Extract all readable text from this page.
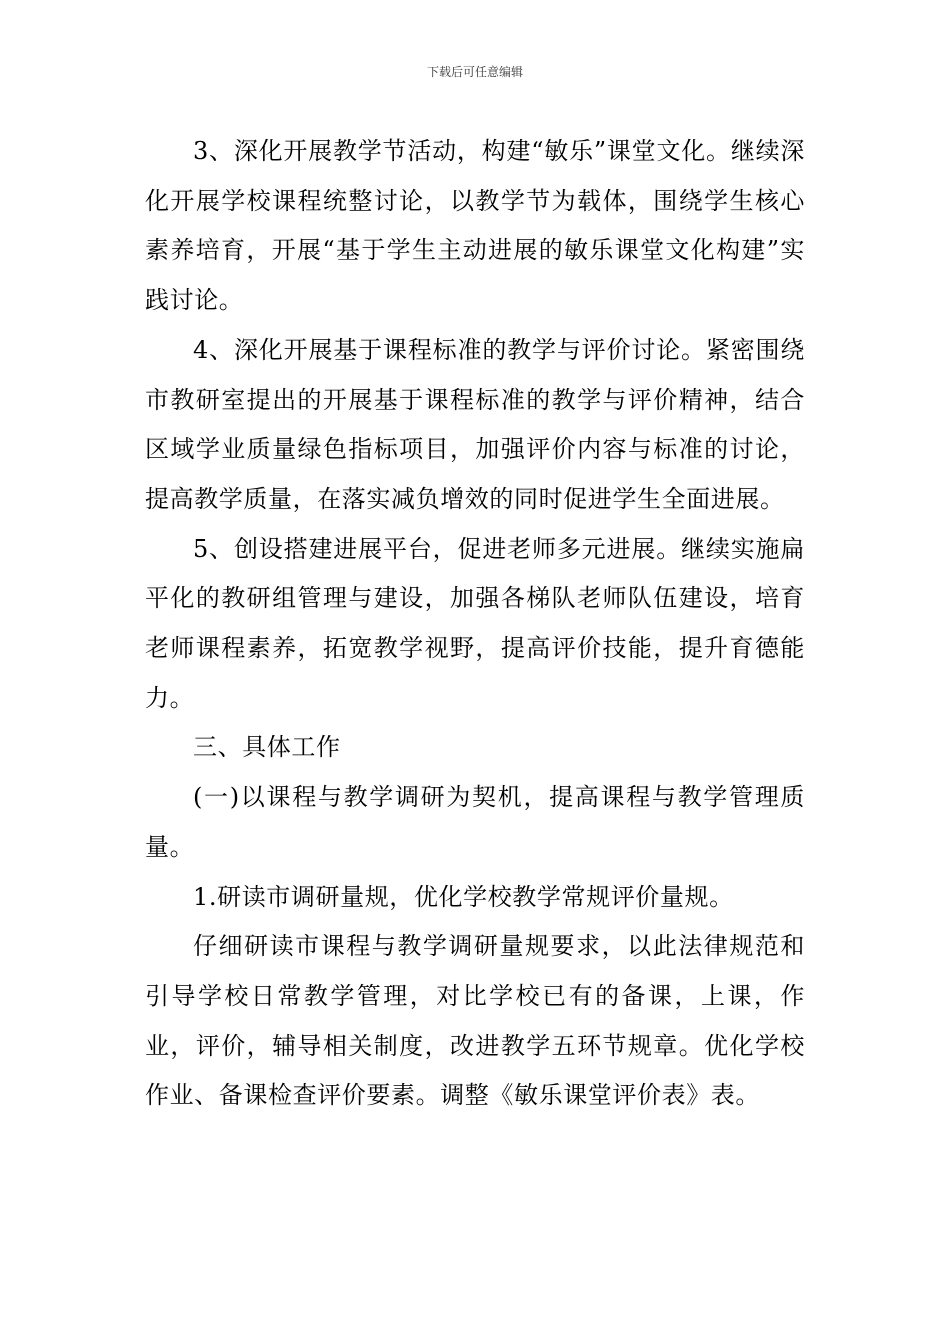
下载后可任意编辑

3、深化开展教学节活动，构建“敏乐”课堂文化。继续深化开展学校课程统整讨论，以教学节为载体，围绕学生核心素养培育，开展“基于学生主动进展的敏乐课堂文化构建”实践讨论。

4、深化开展基于课程标准的教学与评价讨论。紧密围绕市教研室提出的开展基于课程标准的教学与评价精神，结合区域学业质量绿色指标项目，加强评价内容与标准的讨论，提高教学质量，在落实减负增效的同时促进学生全面进展。

5、创设搭建进展平台，促进老师多元进展。继续实施扁平化的教研组管理与建设，加强各梯队老师队伍建设，培育老师课程素养，拓宽教学视野，提高评价技能，提升育德能力。

三、具体工作

(一)以课程与教学调研为契机，提高课程与教学管理质量。

1.研读市调研量规，优化学校教学常规评价量规。

仔细研读市课程与教学调研量规要求，以此法律规范和引导学校日常教学管理，对比学校已有的备课，上课，作业，评价，辅导相关制度，改进教学五环节规章。优化学校作业、备课检查评价要素。调整《敏乐课堂评价表》表。
